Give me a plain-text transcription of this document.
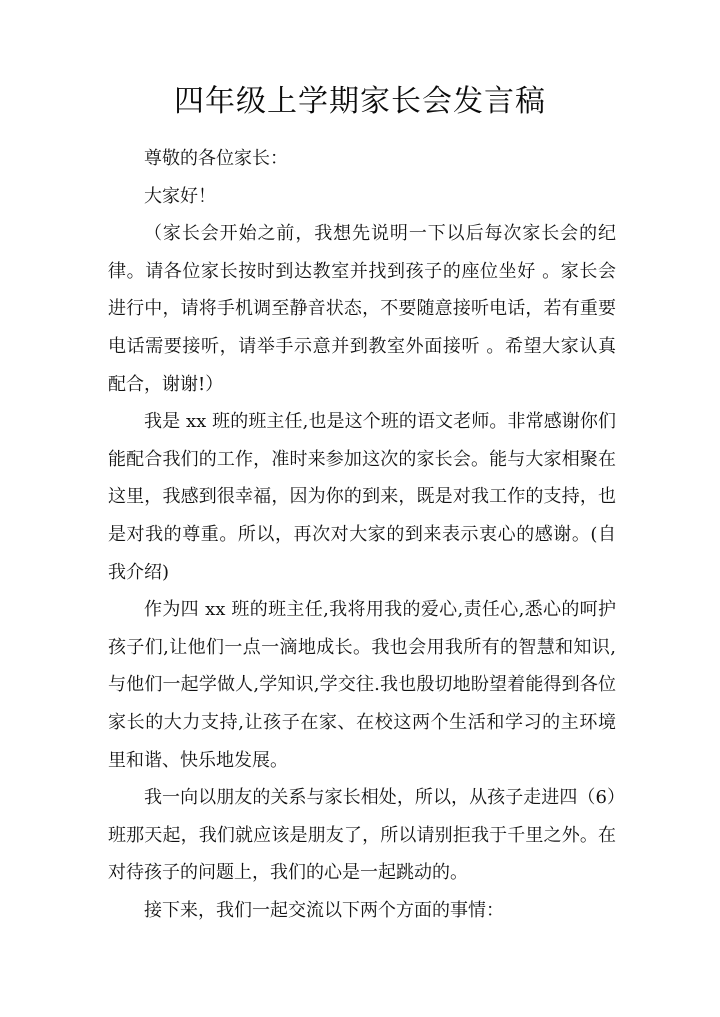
四年级上学期家长会发言稿

尊敬的各位家长：

大家好！

（家长会开始之前，我想先说明一下以后每次家长会的纪律。请各位家长按时到达教室并找到孩子的座位坐好 。家长会进行中，请将手机调至静音状态，不要随意接听电话，若有重要电话需要接听，请举手示意并到教室外面接听 。希望大家认真配合，谢谢!）

我是 xx 班的班主任,也是这个班的语文老师。非常感谢你们能配合我们的工作，准时来参加这次的家长会。能与大家相聚在这里，我感到很幸福，因为你的到来，既是对我工作的支持，也是对我的尊重。所以，再次对大家的到来表示衷心的感谢。(自我介绍)

作为四 xx 班的班主任,我将用我的爱心,责任心,悉心的呵护孩子们,让他们一点一滴地成长。我也会用我所有的智慧和知识,与他们一起学做人,学知识,学交往.我也殷切地盼望着能得到各位家长的大力支持,让孩子在家、在校这两个生活和学习的主环境里和谐、快乐地发展。

我一向以朋友的关系与家长相处，所以，从孩子走进四（6）班那天起，我们就应该是朋友了，所以请别拒我于千里之外。在对待孩子的问题上，我们的心是一起跳动的。

接下来，我们一起交流以下两个方面的事情：
